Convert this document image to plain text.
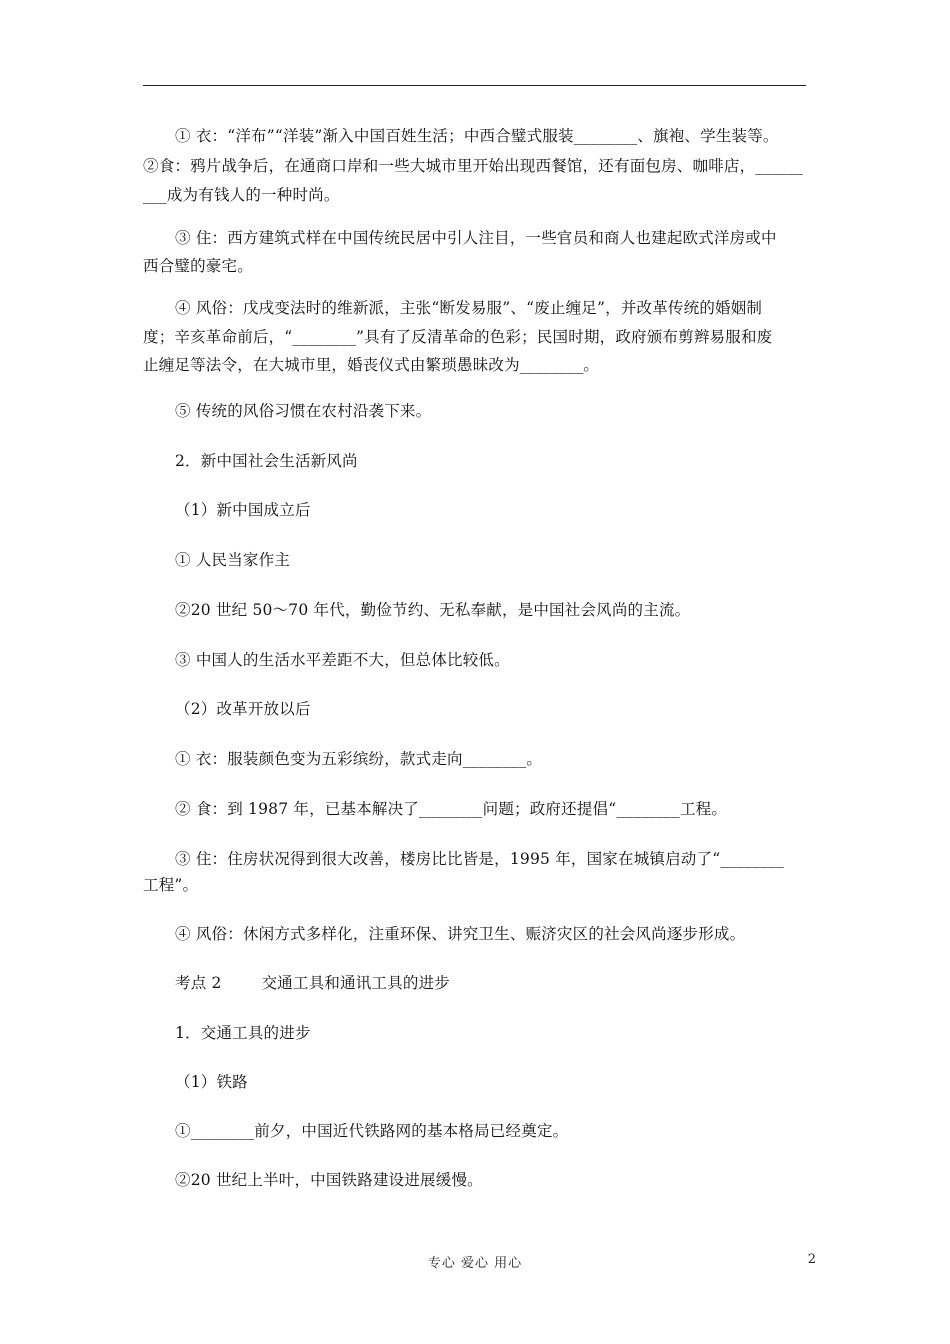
① 衣：“洋布”“洋装”渐入中国百姓生活；中西合璧式服装________、旗袍、学生装等。
②食：鸦片战争后，在通商口岸和一些大城市里开始出现西餐馆，还有面包房、咖啡店，______
___成为有钱人的一种时尚。
③ 住：西方建筑式样在中国传统民居中引人注目，一些官员和商人也建起欧式洋房或中
西合璧的豪宅。
④ 风俗：戊戌变法时的维新派，主张“断发易服”、“废止缠足”，并改革传统的婚姻制
度；辛亥革命前后，“________”具有了反清革命的色彩；民国时期，政府颁布剪辫易服和废
止缠足等法令，在大城市里，婚丧仪式由繁琐愚昧改为________。
⑤ 传统的风俗习惯在农村沿袭下来。
2．新中国社会生活新风尚
（1）新中国成立后
① 人民当家作主
②20 世纪 50～70 年代，勤俭节约、无私奉献，是中国社会风尚的主流。
③ 中国人的生活水平差距不大，但总体比较低。
（2）改革开放以后
① 衣：服装颜色变为五彩缤纷，款式走向________。
② 食：到 1987 年，已基本解决了________问题；政府还提倡“________工程。
③ 住：住房状况得到很大改善，楼房比比皆是，1995 年，国家在城镇启动了“________
工程”。
④ 风俗：休闲方式多样化，注重环保、讲究卫生、赈济灾区的社会风尚逐步形成。
考点 2	交通工具和通讯工具的进步
1．交通工具的进步
（1）铁路
①________前夕，中国近代铁路网的基本格局已经奠定。
②20 世纪上半叶，中国铁路建设进展缓慢。
专心 爱心 用心	2
